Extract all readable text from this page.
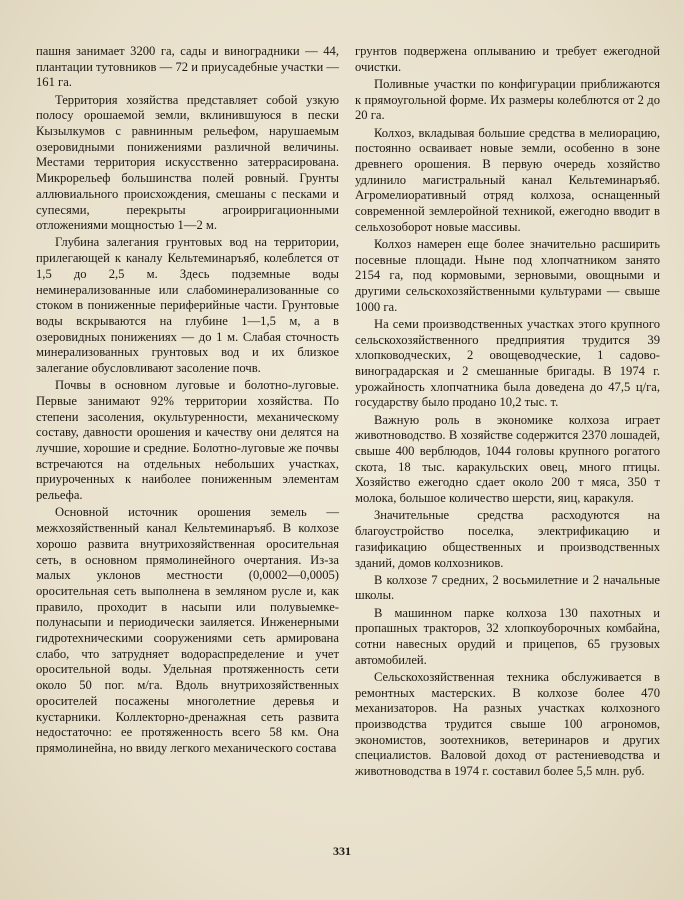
пашня занимает 3200 га, сады и виноградники — 44, плантации тутовников — 72 и приусадебные участки —161 га.

Территория хозяйства представляет собой узкую полосу орошаемой земли, вклинившуюся в пески Кызылкумов с равнинным рельефом, нарушаемым озеровидными понижениями различной величины. Местами территория искусственно затеррасирована. Микрорельеф большинства полей ровный. Грунты аллювиального происхождения, смешаны с песками и супесями, перекрыты агроирригационными отложениями мощностью 1—2 м.

Глубина залегания грунтовых вод на территории, прилегающей к каналу Кельтеминаръяб, колеблется от 1,5 до 2,5 м. Здесь подземные воды неминерализованные или слабоминерализованные со стоком в пониженные периферийные части. Грунтовые воды вскрываются на глубине 1—1,5 м, а в озеровидных понижениях — до 1 м. Слабая сточность минерализованных грунтовых вод и их близкое залегание обусловливают засоление почв.

Почвы в основном луговые и болотно-луговые. Первые занимают 92% территории хозяйства. По степени засоления, окультуренности, механическому составу, давности орошения и качеству они делятся на лучшие, хорошие и средние. Болотно-луговые же почвы встречаются на отдельных небольших участках, приуроченных к наиболее пониженным элементам рельефа.

Основной источник орошения земель — межхозяйственный канал Кельтеминаръяб. В колхозе хорошо развита внутрихозяйственная оросительная сеть, в основном прямолинейного очертания. Из-за малых уклонов местности (0,0002—0,0005) оросительная сеть выполнена в земляном русле и, как правило, проходит в насыпи или полувыемке-полунасыпи и периодически заиляется. Инженерными гидротехническими сооружениями сеть армирована слабо, что затрудняет водораспределение и учет оросительной воды. Удельная протяженность сети около 50 пог. м/га. Вдоль внутрихозяйственных оросителей посажены многолетние деревья и кустарники. Коллекторно-дренажная сеть развита недостаточно: ее протяженность всего 58 км. Она прямолинейна, но ввиду легкого механического состава

грунтов подвержена оплыванию и требует ежегодной очистки.

Поливные участки по конфигурации приближаются к прямоугольной форме. Их размеры колеблются от 2 до 20 га.

Колхоз, вкладывая большие средства в мелиорацию, постоянно осваивает новые земли, особенно в зоне древнего орошения. В первую очередь хозяйство удлинило магистральный канал Кельтеминаръяб. Агромелиоративный отряд колхоза, оснащенный современной землеройной техникой, ежегодно вводит в сельхозоборот новые массивы.

Колхоз намерен еще более значительно расширить посевные площади. Ныне под хлопчатником занято 2154 га, под кормовыми, зерновыми, овощными и другими сельскохозяйственными культурами — свыше 1000 га.

На семи производственных участках этого крупного сельскохозяйственного предприятия трудится 39 хлопководческих, 2 овощеводческие, 1 садово-виноградарская и 2 смешанные бригады. В 1974 г. урожайность хлопчатника была доведена до 47,5 ц/га, государству было продано 10,2 тыс. т.

Важную роль в экономике колхоза играет животноводство. В хозяйстве содержится 2370 лошадей, свыше 400 верблюдов, 1044 головы крупного рогатого скота, 18 тыс. каракульских овец, много птицы. Хозяйство ежегодно сдает около 200 т мяса, 350 т молока, большое количество шерсти, яиц, каракуля.

Значительные средства расходуются на благоустройство поселка, электрификацию и газификацию общественных и производственных зданий, домов колхозников.

В колхозе 7 средних, 2 восьмилетние и 2 начальные школы.

В машинном парке колхоза 130 пахотных и пропашных тракторов, 32 хлопкоуборочных комбайна, сотни навесных орудий и прицепов, 65 грузовых автомобилей.

Сельскохозяйственная техника обслуживается в ремонтных мастерских. В колхозе более 470 механизаторов. На разных участках колхозного производства трудится свыше 100 агрономов, экономистов, зоотехников, ветеринаров и других специалистов. Валовой доход от растениеводства и животноводства в 1974 г. составил более 5,5 млн. руб.

331
